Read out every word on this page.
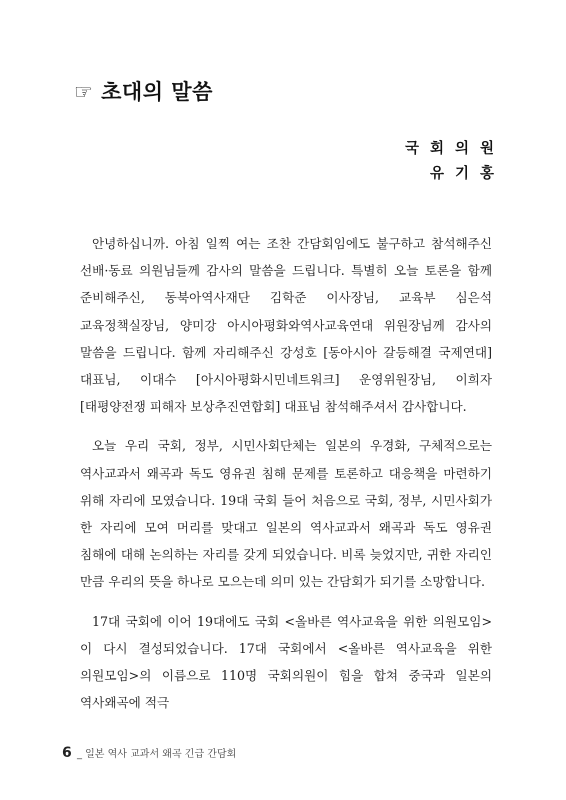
☞ 초대의 말씀
국회의원
유기홍

안녕하십니까. 아침 일찍 여는 조찬 간담회임에도 불구하고 참석해주신 선배·동료 의원님들께 감사의 말씀을 드립니다. 특별히 오늘 토론을 함께 준비해주신, 동북아역사재단 김학준 이사장님, 교육부 심은석 교육정책실장님, 양미강 아시아평화와역사교육연대 위원장님께 감사의 말씀을 드립니다. 함께 자리해주신 강성호 [동아시아 갈등해결 국제연대] 대표님, 이대수 [아시아평화시민네트워크] 운영위원장님, 이희자 [태평양전쟁 피해자 보상추진연합회] 대표님 참석해주셔서 감사합니다.

오늘 우리 국회, 정부, 시민사회단체는 일본의 우경화, 구체적으로는 역사교과서 왜곡과 독도 영유권 침해 문제를 토론하고 대응책을 마련하기 위해 자리에 모였습니다. 19대 국회 들어 처음으로 국회, 정부, 시민사회가 한 자리에 모여 머리를 맞대고 일본의 역사교과서 왜곡과 독도 영유권 침해에 대해 논의하는 자리를 갖게 되었습니다. 비록 늦었지만, 귀한 자리인 만큼 우리의 뜻을 하나로 모으는데 의미 있는 간담회가 되기를 소망합니다.

17대 국회에 이어 19대에도 국회 <올바른 역사교육을 위한 의원모임>이 다시 결성되었습니다. 17대 국회에서 <올바른 역사교육을 위한 의원모임>의 이름으로 110명 국회의원이 힘을 합쳐 중국과 일본의 역사왜곡에 적극

6 _ 일본 역사 교과서 왜곡 긴급 간담회
